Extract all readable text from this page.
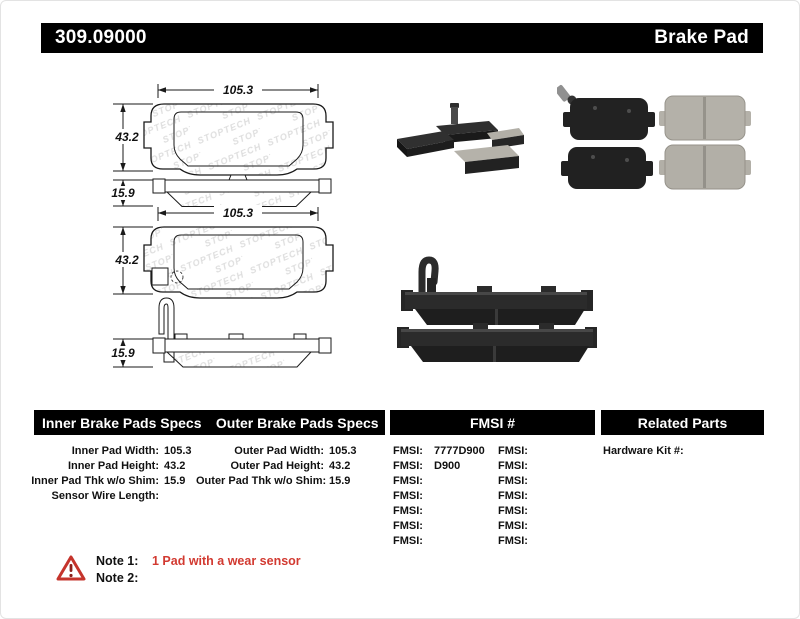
309.09000	Brake Pad
105.3
43.2
15.9
105.3
43.2
15.9
Inner Brake Pads Specs	Outer Brake Pads Specs	FMSI #	Related Parts
Inner Pad Width: 105.3
Inner Pad Height: 43.2
Inner Pad Thk w/o Shim: 15.9
Sensor Wire Length:
Outer Pad Width: 105.3
Outer Pad Height: 43.2
Outer Pad Thk w/o Shim: 15.9
FMSI:	7777D900
FMSI:	D900
FMSI:
FMSI:
FMSI:
FMSI:
FMSI:
FMSI:
FMSI:
FMSI:
FMSI:
FMSI:
FMSI:
FMSI:
Hardware Kit #:
Note 1:	1 Pad with a wear sensor
Note 2:
